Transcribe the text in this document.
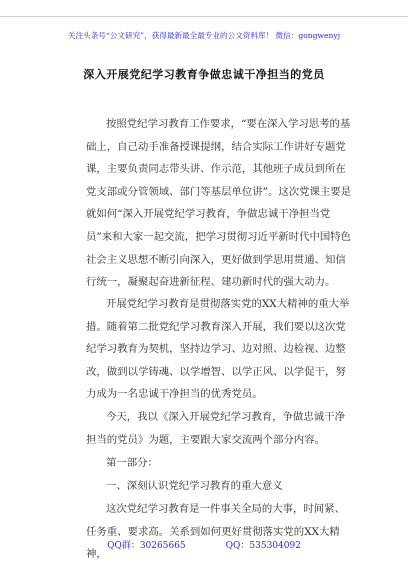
关注头条号“公文研究”，获得最新最全最专业的公文资料库！ 微信：gongwenyj
深入开展党纪学习教育争做忠诚干净担当的党员

按照党纪学习教育工作要求，“要在深入学习思考的基础上，自己动手准备授课提纲，结合实际工作讲好专题党课，主要负责同志带头讲、作示范，其他班子成员到所在党支部或分管领域、部门等基层单位讲”。这次党课主要是就如何“深入开展党纪学习教育，争做忠诚干净担当党员”来和大家一起交流，把学习贯彻习近平新时代中国特色社会主义思想不断引向深入，更好做到学思用贯通、知信行统一，凝聚起奋进新征程、建功新时代的强大动力。

开展党纪学习教育是贯彻落实党的XX大精神的重大举措。随着第二批党纪学习教育深入开展，我们要以这次党纪学习教育为契机，坚持边学习、边对照、边检视、边整改，做到以学铸魂、以学增智、以学正风、以学促干，努力成为一名忠诚干净担当的优秀党员。

今天，我以《深入开展党纪学习教育，争做忠诚干净担当的党员》为题，主要跟大家交流两个部分内容。

第一部分：

一、深刻认识党纪学习教育的重大意义

这次党纪学习教育是一件事关全局的大事，时间紧、任务重、要求高。关系到如何更好贯彻落实党的XX大精神，

QQ群：30265665	QQ：535304092
